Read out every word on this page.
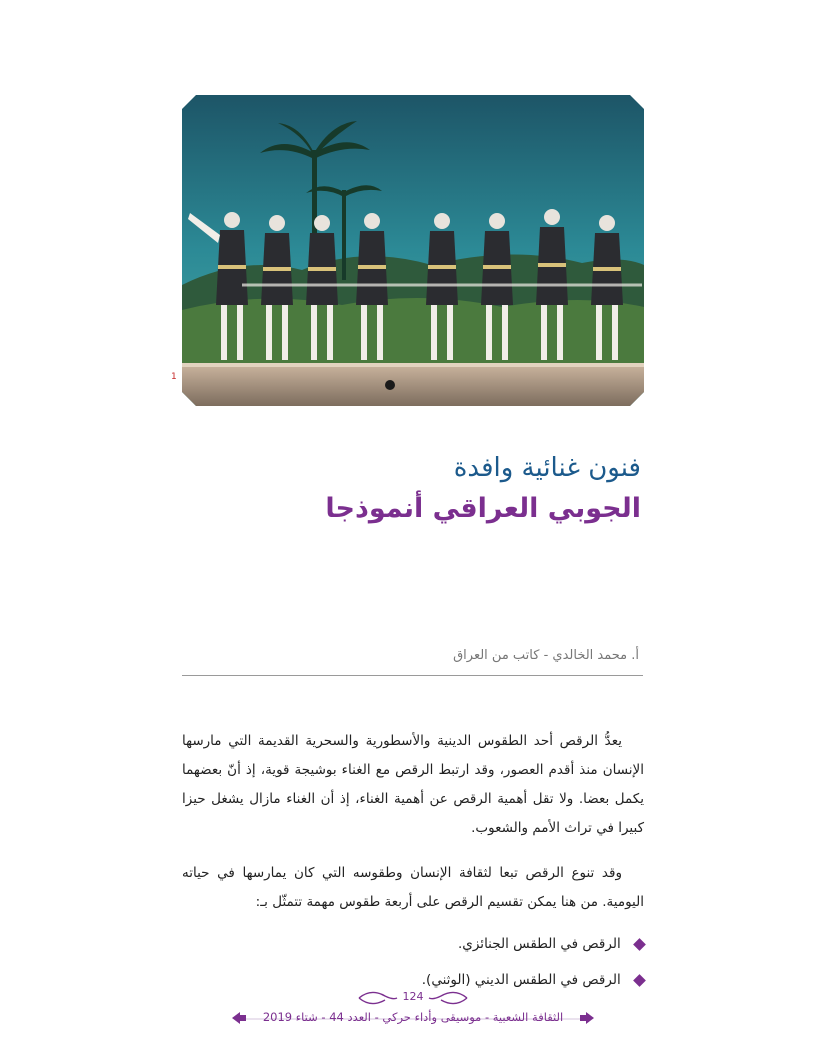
1
فنون غنائية وافدة
الجوبي العراقي أنموذجا
أ. محمد الخالدي - كاتب من العراق

يعدُّ الرقص أحد الطقوس الدينية والأسطورية والسحرية القديمة التي مارسها الإنسان منذ أقدم العصور، وقد ارتبط الرقص مع الغناء بوشيجة قوية، إذ أنّ بعضهما يكمل بعضا. ولا تقل أهمية الرقص عن أهمية الغناء، إذ أن الغناء مازال يشغل حيزا كبيرا في تراث الأمم والشعوب.

وقد تنوع الرقص تبعا لثقافة الإنسان وطقوسه التي كان يمارسها في حياته اليومية. من هنا يمكن تقسيم الرقص على أربعة طقوس مهمة تتمثّل بـ:

الرقص في الطقس الجنائزي.
الرقص في الطقس الديني (الوثني).
124
الثقافة الشعبية - موسيقى وأداء حركي - العدد 44 - شتاء 2019
